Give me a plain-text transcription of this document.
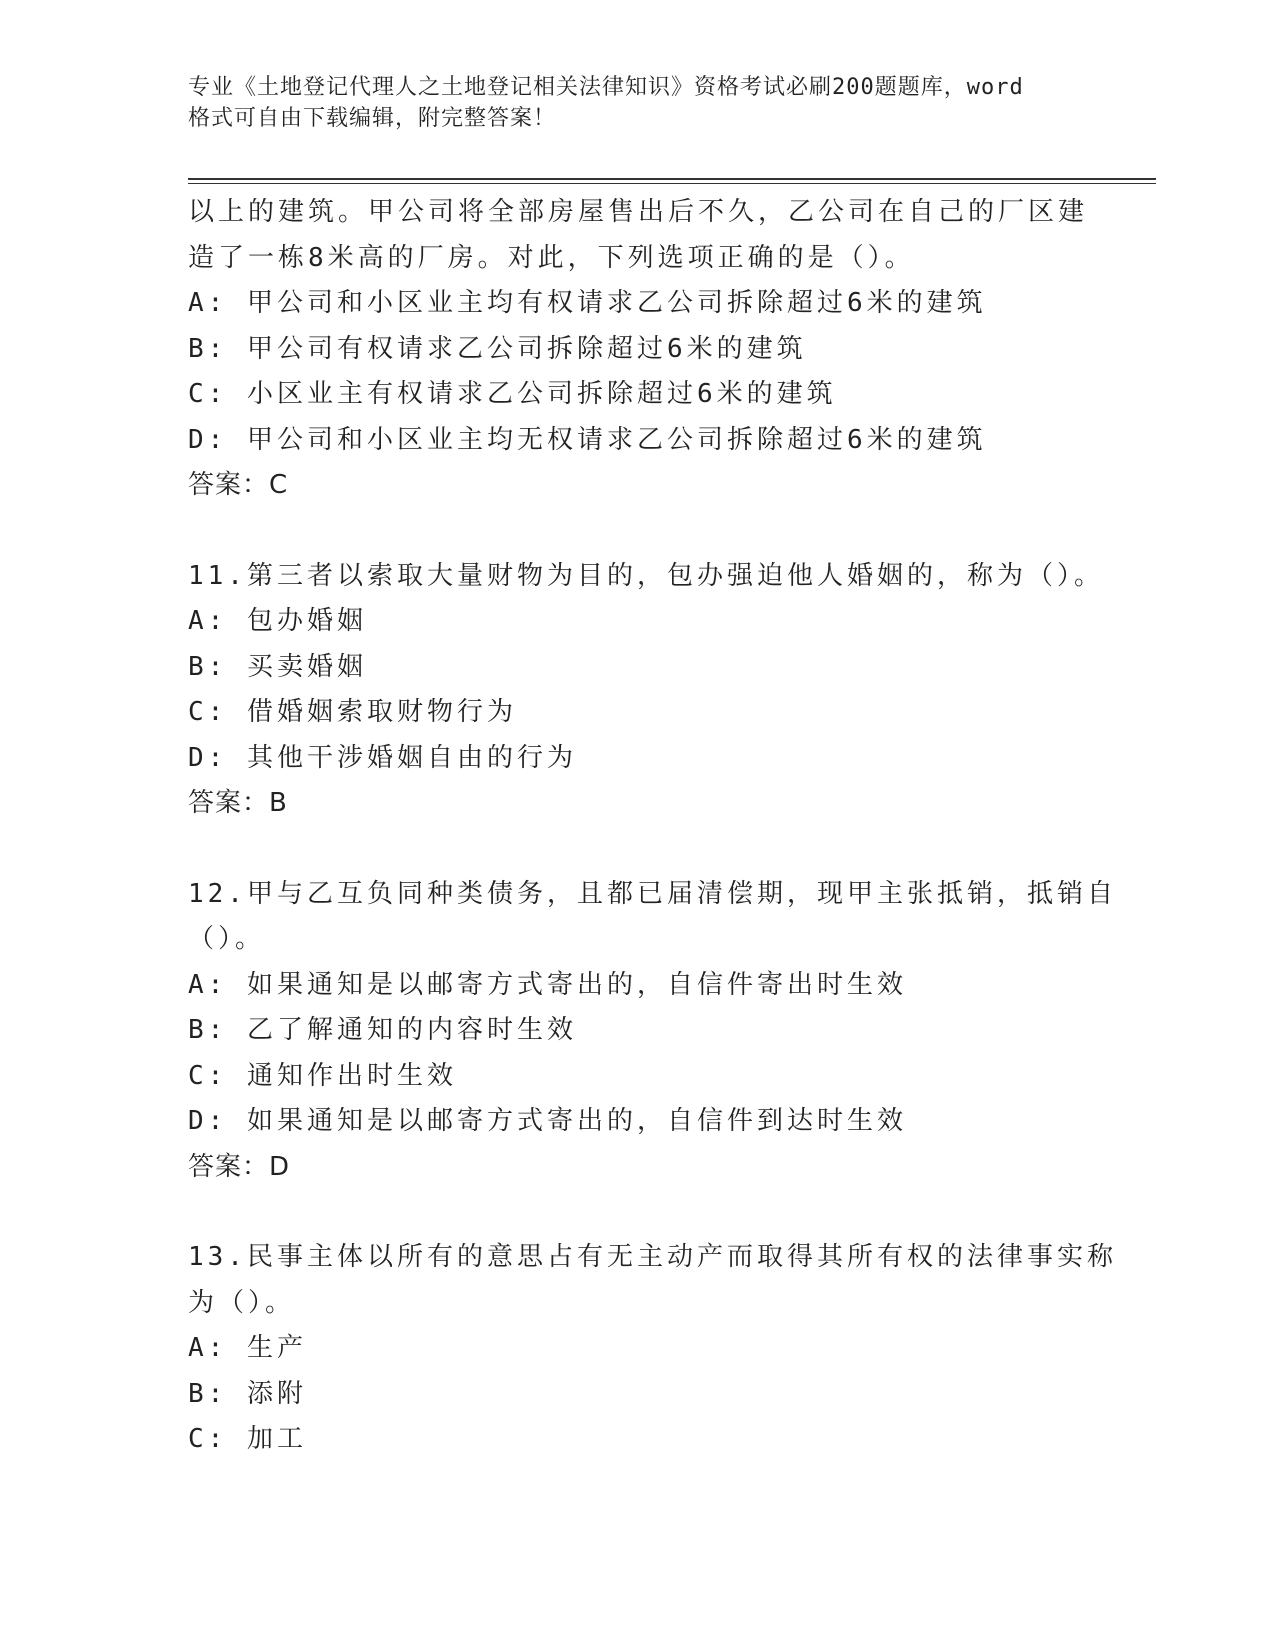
专业《土地登记代理人之土地登记相关法律知识》资格考试必刷200题题库，word
格式可自由下载编辑，附完整答案！
以上的建筑。甲公司将全部房屋售出后不久，乙公司在自己的厂区建
造了一栋8米高的厂房。对此，下列选项正确的是（）。
A: 甲公司和小区业主均有权请求乙公司拆除超过6米的建筑
B: 甲公司有权请求乙公司拆除超过6米的建筑
C: 小区业主有权请求乙公司拆除超过6米的建筑
D: 甲公司和小区业主均无权请求乙公司拆除超过6米的建筑
答案：C
11.第三者以索取大量财物为目的，包办强迫他人婚姻的，称为（）。
A: 包办婚姻
B: 买卖婚姻
C: 借婚姻索取财物行为
D: 其他干涉婚姻自由的行为
答案：B
12.甲与乙互负同种类债务，且都已届清偿期，现甲主张抵销，抵销自
（）。
A: 如果通知是以邮寄方式寄出的，自信件寄出时生效
B: 乙了解通知的内容时生效
C: 通知作出时生效
D: 如果通知是以邮寄方式寄出的，自信件到达时生效
答案：D
13.民事主体以所有的意思占有无主动产而取得其所有权的法律事实称
为（）。
A: 生产
B: 添附
C: 加工
